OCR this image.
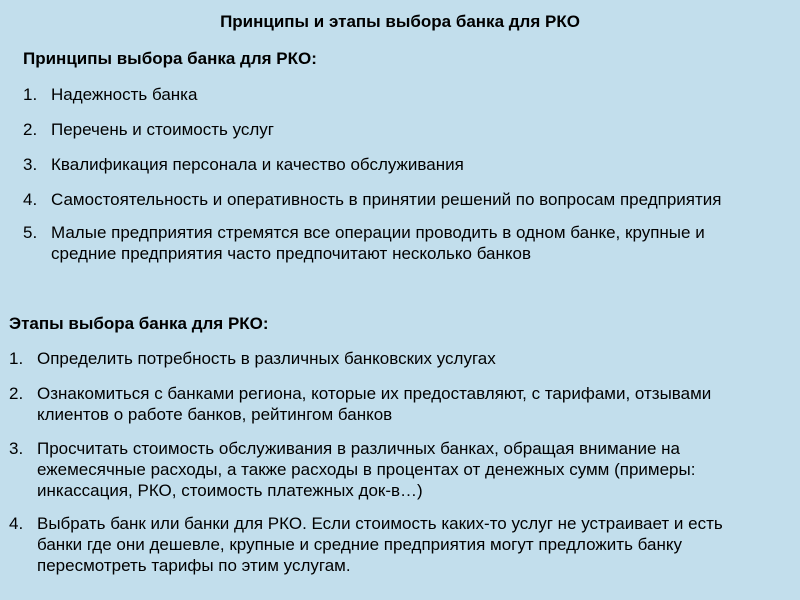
Принципы и этапы выбора банка для РКО
Принципы выбора банка для РКО:
1. Надежность банка
2. Перечень и стоимость услуг
3. Квалификация персонала и качество обслуживания
4. Самостоятельность и оперативность в принятии решений по вопросам предприятия
5. Малые предприятия стремятся все операции проводить в одном банке, крупные и средние предприятия часто предпочитают несколько банков
Этапы выбора банка для РКО:
1. Определить потребность в различных банковских услугах
2. Ознакомиться с банками региона, которые их предоставляют, с тарифами, отзывами клиентов о работе банков, рейтингом банков
3. Просчитать стоимость обслуживания в различных банках, обращая внимание на ежемесячные расходы, а также расходы в процентах от денежных сумм (примеры: инкассация, РКО, стоимость платежных док-в…)
4. Выбрать банк или банки для РКО. Если стоимость каких-то услуг не устраивает и есть банки где они дешевле, крупные и средние предприятия могут предложить банку пересмотреть тарифы по этим услугам.
